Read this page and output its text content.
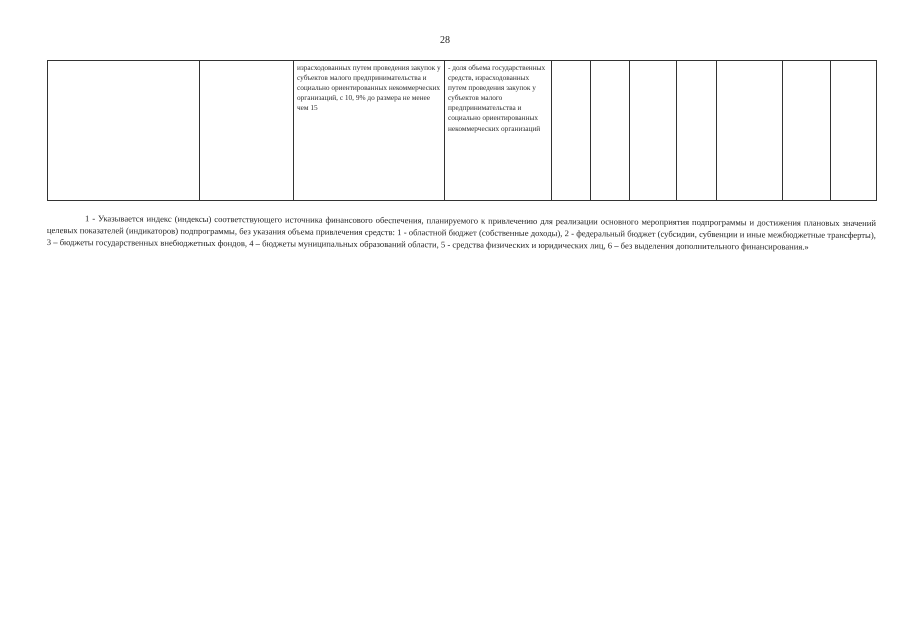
28
		израсходованных путем проведения закупок у субъектов малого предпринимательства и социально ориентированных некоммерческих организаций, с 10, 9% до размера не менее чем 15	- доля объема государственных средств, израсходованных путем проведения закупок у субъектов малого предпринимательства и социально ориентированных некоммерческих организаций							

1 - Указывается индекс (индексы) соответствующего источника финансового обеспечения, планируемого к привлечению для реализации основного мероприятия подпрограммы и достижения плановых значений целевых показателей (индикаторов) подпрограммы, без указания объема привлечения средств: 1 - областной бюджет (собственные доходы), 2 - федеральный бюджет (субсидии, субвенции и иные межбюджетные трансферты), 3 – бюджеты государственных внебюджетных фондов, 4 – бюджеты муниципальных образований области, 5 - средства физических и юридических лиц, 6 – без выделения дополнительного финансирования.»
